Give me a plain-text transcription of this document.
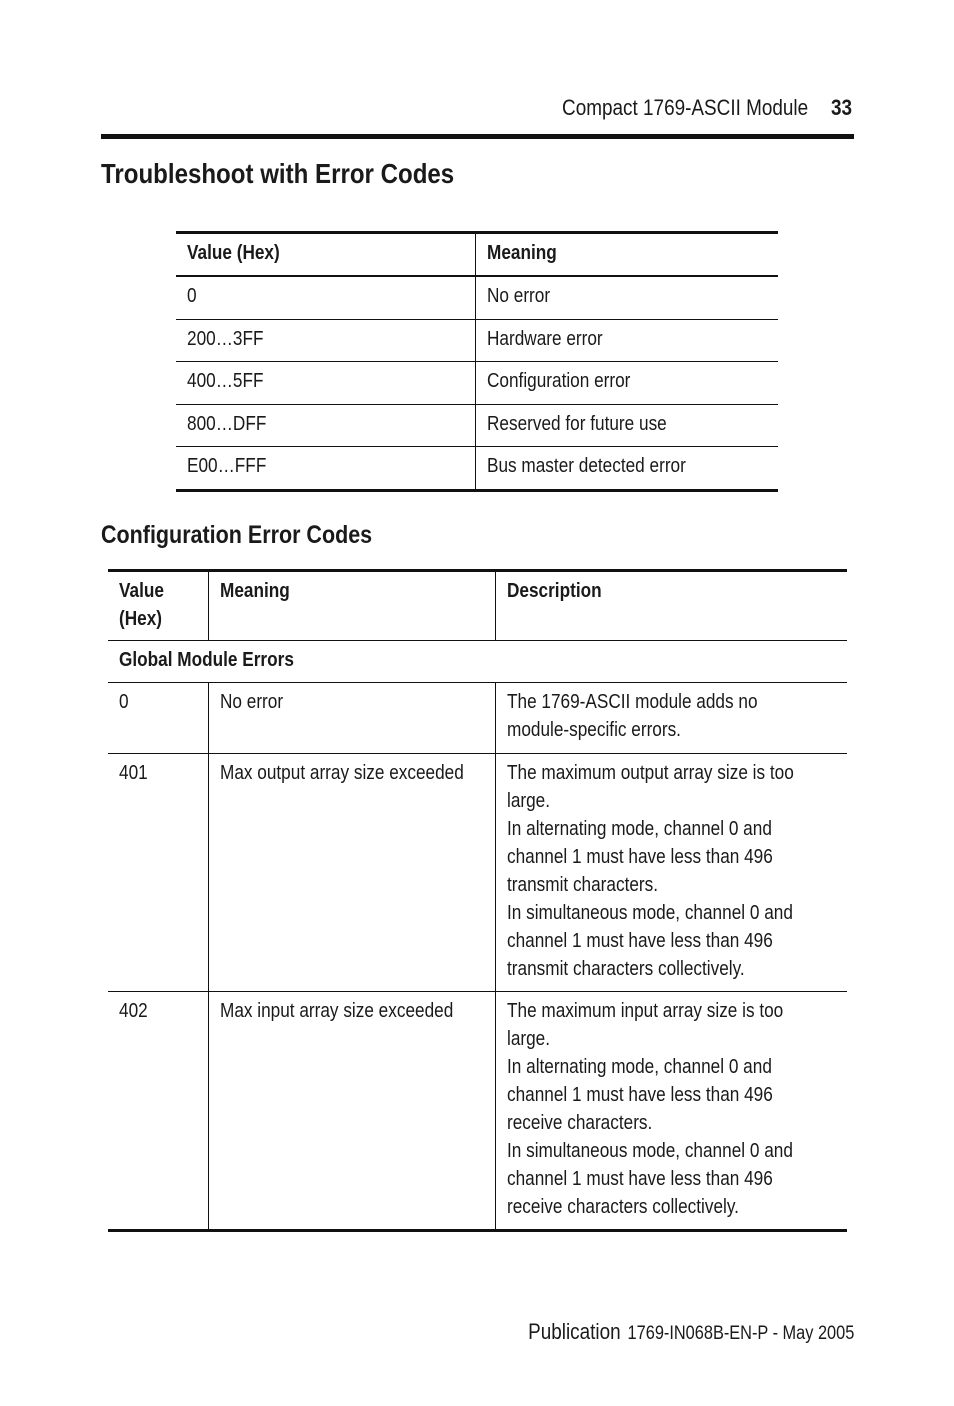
Compact 1769-ASCII Module 33
Troubleshoot with Error Codes
Value (Hex)	Meaning
0	No error
200…3FF	Hardware error
400…5FF	Configuration error
800…DFF	Reserved for future use
E00…FFF	Bus master detected error
Configuration Error Codes
Value
(Hex)
Meaning	Description
Global Module Errors
0	No error	The 1769-ASCII module adds no
module-specific errors.
401	Max output array size exceeded	The maximum output array size is too
large.
In alternating mode, channel 0 and
channel 1 must have less than 496
transmit characters.
In simultaneous mode, channel 0 and
channel 1 must have less than 496
transmit characters collectively.
402	Max input array size exceeded	The maximum input array size is too
large.
In alternating mode, channel 0 and
channel 1 must have less than 496
receive characters.
In simultaneous mode, channel 0 and
channel 1 must have less than 496
receive characters collectively.
Publication 1769-IN068B-EN-P - May 2005
